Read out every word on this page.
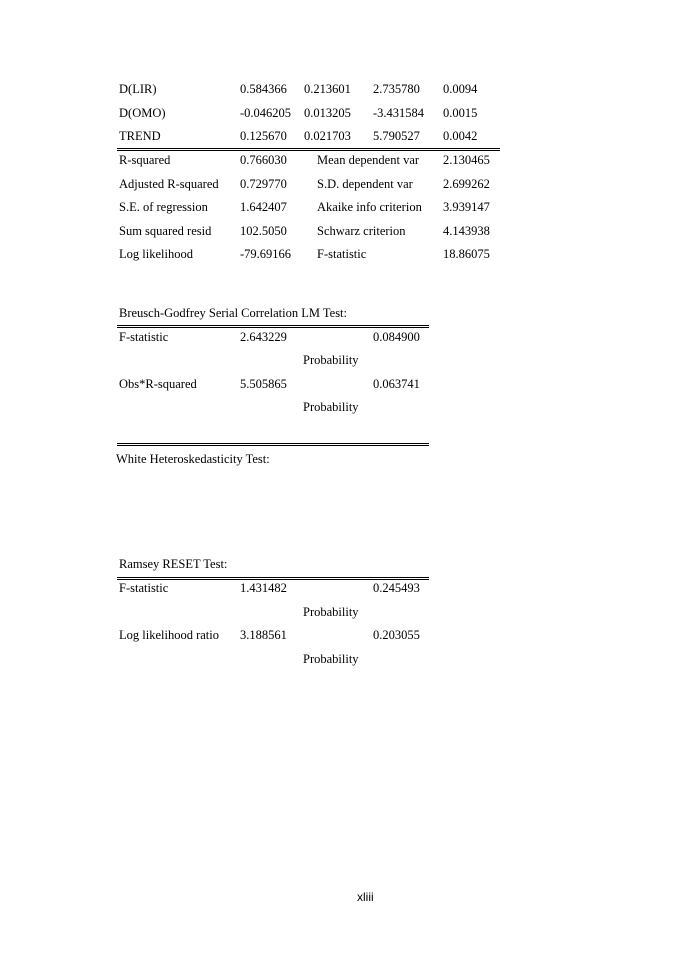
D(LIR)	0.584366 0.213601 2.735780 0.0094
D(OMO)	-0.046205 0.013205 -3.431584 0.0015
TREND	0.125670 0.021703 5.790527 0.0042
R-squared	0.766030 Mean dependent var 2.130465
Adjusted R-squared 0.729770 S.D. dependent var 2.699262
S.E. of regression	1.642407 Akaike info criterion 3.939147
Sum squared resid 102.5050 Schwarz criterion	4.143938
Log likelihood	-79.69166 F-statistic	18.86075
Breusch-Godfrey Serial Correlation LM Test:
F-statistic	2.643229	0.084900
Probability
Obs*R-squared	5.505865	0.063741
Probability
White Heteroskedasticity Test:
Ramsey RESET Test:
F-statistic	1.431482	0.245493
Probability
Log likelihood ratio 3.188561	0.203055
Probability
xliii
